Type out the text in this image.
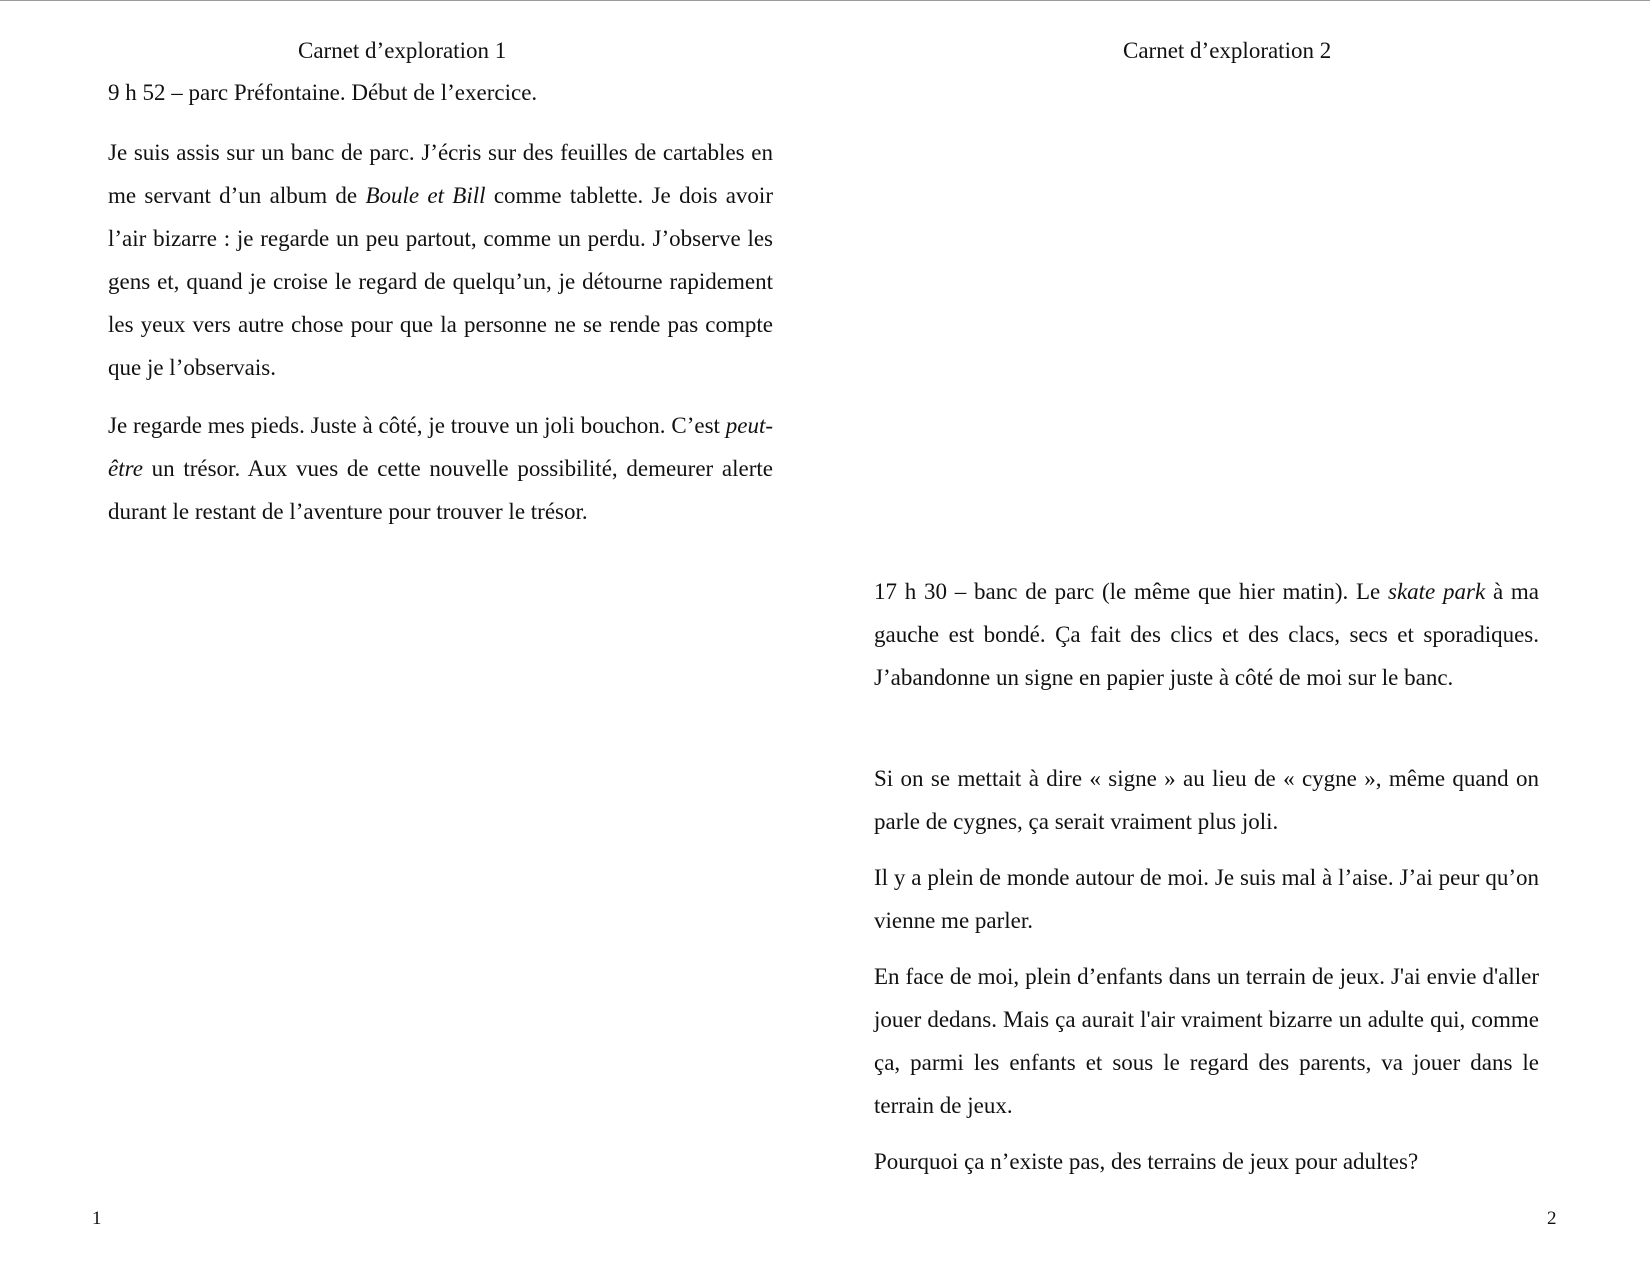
Carnet d’exploration 1

9 h 52 – parc Préfontaine. Début de l’exercice.

Je suis assis sur un banc de parc. J’écris sur des feuilles de cartables en me servant d’un album de Boule et Bill comme tablette. Je dois avoir l’air bizarre : je regarde un peu partout, comme un perdu. J’observe les gens et, quand je croise le regard de quelqu’un, je détourne rapidement les yeux vers autre chose pour que la personne ne se rende pas compte que je l’observais.

Je regarde mes pieds. Juste à côté, je trouve un joli bouchon. C’est peut-être un trésor. Aux vues de cette nouvelle possibilité, demeurer alerte durant le restant de l’aventure pour trouver le trésor.

1
Carnet d’exploration 2

17 h 30 – banc de parc (le même que hier matin). Le skate park à ma gauche est bondé. Ça fait des clics et des clacs, secs et sporadiques. J’abandonne un signe en papier juste à côté de moi sur le banc.

Si on se mettait à dire « signe » au lieu de « cygne », même quand on parle de cygnes, ça serait vraiment plus joli.

Il y a plein de monde autour de moi. Je suis mal à l’aise. J’ai peur qu’on vienne me parler.

En face de moi, plein d’enfants dans un terrain de jeux. J'ai envie d'aller jouer dedans. Mais ça aurait l'air vraiment bizarre un adulte qui, comme ça, parmi les enfants et sous le regard des parents, va jouer dans le terrain de jeux.

Pourquoi ça n’existe pas, des terrains de jeux pour adultes?

2
